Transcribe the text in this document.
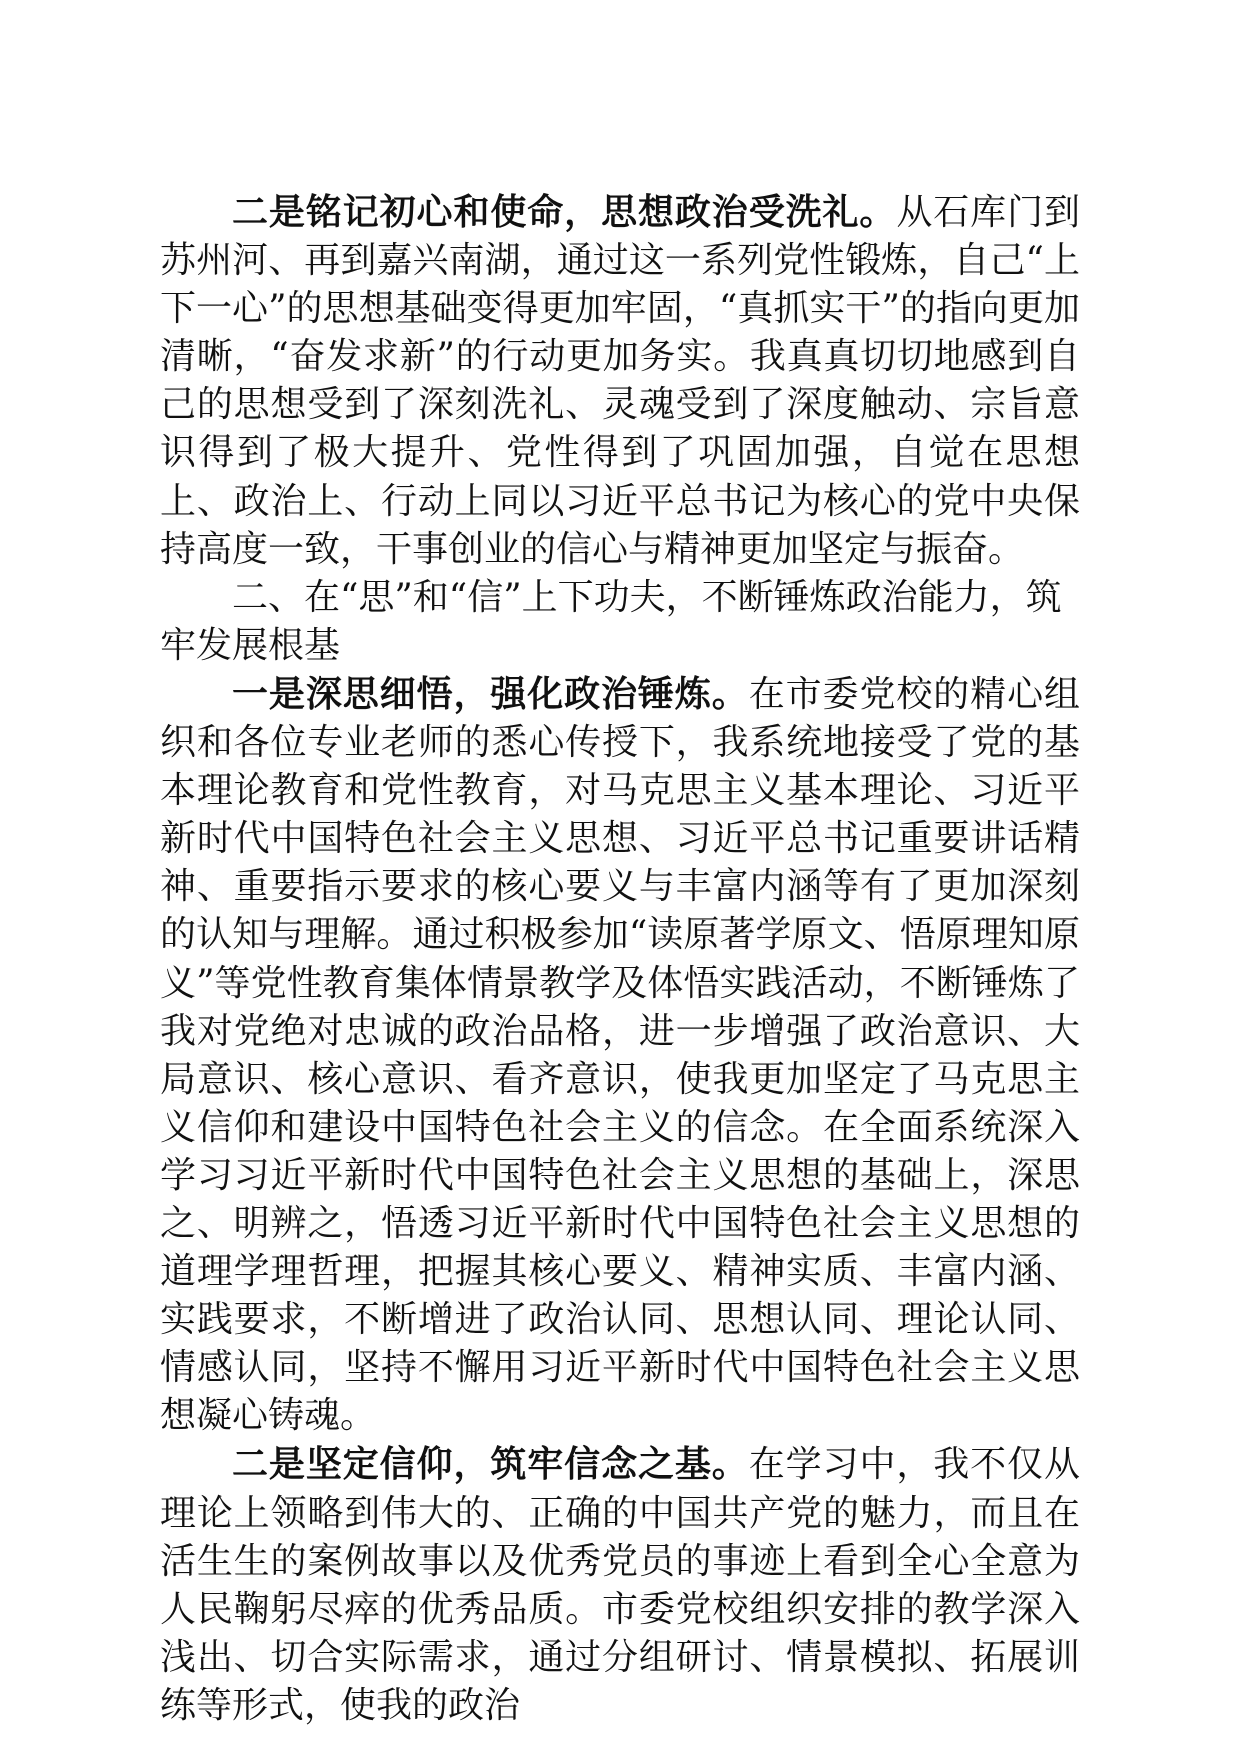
二是铭记初心和使命，思想政治受洗礼。从石库门到苏州河、再到嘉兴南湖，通过这一系列党性锻炼，自己“上下一心”的思想基础变得更加牢固，“真抓实干”的指向更加清晰，“奋发求新”的行动更加务实。我真真切切地感到自己的思想受到了深刻洗礼、灵魂受到了深度触动、宗旨意识得到了极大提升、党性得到了巩固加强，自觉在思想上、政治上、行动上同以习近平总书记为核心的党中央保持高度一致，干事创业的信心与精神更加坚定与振奋。

二、在“思”和“信”上下功夫，不断锤炼政治能力，筑牢发展根基

一是深思细悟，强化政治锤炼。在市委党校的精心组织和各位专业老师的悉心传授下，我系统地接受了党的基本理论教育和党性教育，对马克思主义基本理论、习近平新时代中国特色社会主义思想、习近平总书记重要讲话精神、重要指示要求的核心要义与丰富内涵等有了更加深刻的认知与理解。通过积极参加“读原著学原文、悟原理知原义”等党性教育集体情景教学及体悟实践活动，不断锤炼了我对党绝对忠诚的政治品格，进一步增强了政治意识、大局意识、核心意识、看齐意识，使我更加坚定了马克思主义信仰和建设中国特色社会主义的信念。在全面系统深入学习习近平新时代中国特色社会主义思想的基础上，深思之、明辨之，悟透习近平新时代中国特色社会主义思想的道理学理哲理，把握其核心要义、精神实质、丰富内涵、实践要求，不断增进了政治认同、思想认同、理论认同、情感认同，坚持不懈用习近平新时代中国特色社会主义思想凝心铸魂。

二是坚定信仰，筑牢信念之基。在学习中，我不仅从理论上领略到伟大的、正确的中国共产党的魅力，而且在活生生的案例故事以及优秀党员的事迹上看到全心全意为人民鞠躬尽瘁的优秀品质。市委党校组织安排的教学深入浅出、切合实际需求，通过分组研讨、情景模拟、拓展训练等形式，使我的政治
